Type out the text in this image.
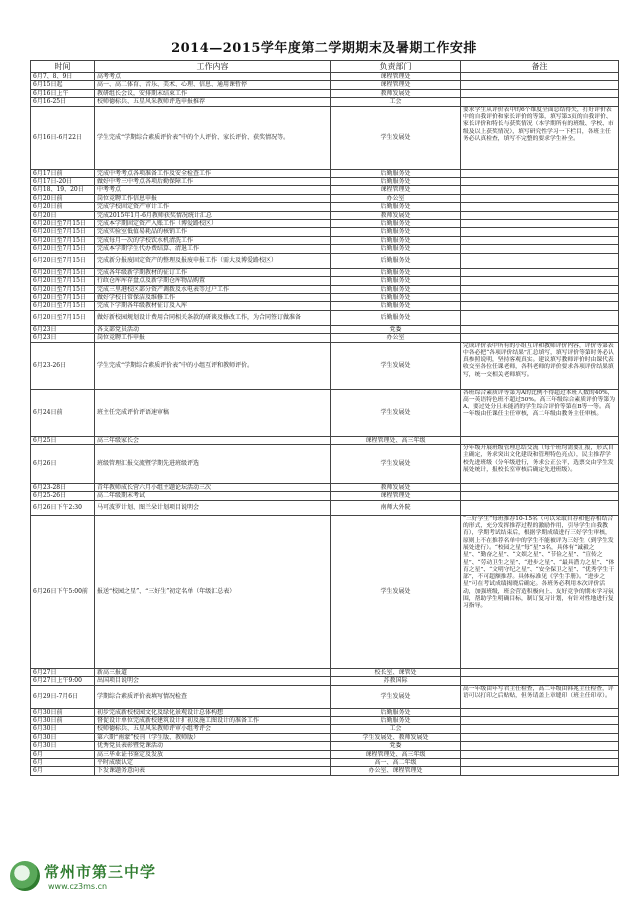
2014—2015学年度第二学期期末及暑期工作安排
时间	工作内容	负责部门	备注
6月7、8、9日	高考考点	课程管理处	
6月15日起	高一、高二体育、音乐、美术、心理、信息、通用课暂停	课程管理处	
6月16日上午	教研组长会议，安排期末结束工作	教师发展处	
6月16-25日	校师德标兵、五星风采教师评选申报推荐	工会	
6月16日-6月22日	学生完成“学期综合素质评价表”中的个人评价、家长评价、获奖情况等。	学生发展处	要求学生从评价表中的6个维度全面总结得失，打好评价表中的自我评价和家长评价的等第，填写第3页的自我评价、家长评价和特长与获奖情况（本学期所有的班级、学校、市级及以上获奖情况），填写研究性学习一下栏目，各班主任务必认真检查，填写不完整的要求学生补全。
6月17日前	完成中考考点各项准备工作及安全检查工作	后勤服务处	
6月17日-20日	做好中考三中考点各项后勤保障工作	后勤服务处	
6月18、19、20日	中考考点	课程管理处	
6月20日前	岗位竞聘工作信息申报	办公室	
6月20日前	完成学校固定资产审计工作	后勤服务处	
6月20日	完成2015年1月-6月教师获奖情况统计汇总	教师发展处	
6月20日至7月15日	完成本学期固定资产入账工作（博爱路校区）	后勤服务处	
6月20日至7月15日	完成实验室低值易耗品的核销工作	后勤服务处	
6月20日至7月15日	完成每月一次的学校饮水机清洗工作	后勤服务处	
6月20日至7月15日	完成本学期学生代办费结算、清退工作	后勤服务处	
6月20日至7月15日	完成新分报废固定资产的整理及报废申报工作（需大及博爱路校区）	后勤服务处	
6月20日至7月15日	完成各年级新学期教材的征订工作	后勤服务处	
6月20日至7月15日	行政仓库库存盘点及新学期仓库物品购置	后勤服务处	
6月20日至7月15日	完成三里港校区部分资产调拨及水电表等过户工作	后勤服务处	
6月20日至7月15日	做好学校日常保洁及维修工作	后勤服务处	
6月20日至7月15日	完成下学期各年级教材征订及入库	后勤服务处	
6月20日至7月15日	做好新校园规划设计费用合同相关条款的研谈及修改工作，为合同签订做准备	后勤服务处	
6月23日	各支部党员活动	党委	
6月23日	岗位竞聘工作申报	办公室	
6月23-26日	学生完成“学期综合素质评价表”中的小组互评和教师评价。	学生发展处	完成评价表中所有的小组互评和教师评价内容，评价等第表中各必把“各项评价结果”汇总填写，填写评价等第时务必认真参照说明，坚持客观真实。建议填写教师评价时由课代表收交至各位任课老师，各科老师的评价要求各项评价结果填写，统一交相关老师填写。
6月24日前	班主任完成评价评语速审稿	学生发展处	各班综合素质评等第为A的比例不得超过本班人数的40%，高一英语特色班不超过50%。高三年级综合素质评价等第为A、要过处分且未能消的学生综合评价等第在B等一等。高一年级由任课任主任审核，高二年级由教务主任审核。
6月25日	高三年级家长会	课程管理处、高三年级	
6月26日	班级管理汇报交流暨学期先进班级评选	学生发展处	分年级开展班级管理总结交流（每个班均需要汇报，形式自主确定，务求突出文化建设和管理特色亮点），民主推荐学校先进班级（分年级进行，务求公正公平，选票交由学生发展处统计，报校长室审核后确定先进班级）。
6月23-28日	青年教师成长营六月小组主题论坛活动三次	教师发展处	
6月25-26日	高二年级期末考试	课程管理处	
6月26日下午2:30	马可波罗计划、图兰朵计划项目说明会	南师大外院	
6月26日下午5:00前	报送“校园之星”、“三好生”初定名单（年级汇总表）	学生发展处	“三好学生”每班推荐10-15名（可以采取自荐和他荐相结合的形式，充分发挥推荐过程的激励作用，引导学生自我教育），学期考试结束后，根据学期成绩进行三好学生审核，原则上不在推荐名单中的学生不能被评为三好生（到学生发展处进行）。“校园之星”每“星”3名，具体有“诚毅之星”、“勤奋之星”、“文娱之星”、“节俭之星”、“宣传之星”、“劳动卫生之星”、“进步之星”、“最具潜力之星”、“体育之星”、“文明守纪之星”、“安全保卫之星”、“优秀学生干部”，不可超额推荐。具体标准见《学生手册》。“进步之星”可在考试成绩揭晓后确定。各班务必利用本次评价活动，加强班级，班会营造积极向上、友好竞争的期末学习氛围，帮助学生明确目标，制订复习计划，有针对性地进行复习指导。
6月27日	新高三报道	校长室、课管处	
6月27日上午9:00	出国项目说明会	苏教国际	
6月29日-7月6日	学期综合素质评价表填写情况检查	学生发展处	高一年级由年写君主任检查，高二年级由韩兆主任检查，评语可以打印之后贴贴，但务请盖上章缝印（班主任印章）。
6月30日前	初步完成新校校园文化及绿化景观设计总体构想	后勤服务处	
6月30日前	督促设计单位完成新校建筑设计扩初及施工图设计的准备工作	后勤服务处	
6月30日	校师德标兵、五星风采教师评审小组考评会	工会	
6月30日	第六期“南蒙”校刊（学生版、教师版）	学生发展处、教师发展处	
6月30日	优秀党员表彰暨党课活动	党委	
6月	高三毕业证书鉴定及发放	课程管理处、高三年级	
6月	平时成绩认定	高一、高二年级	
6月	下发课题务意向表	办公室、课程管理处	
常州市第三中学
www.cz3ms.cn
